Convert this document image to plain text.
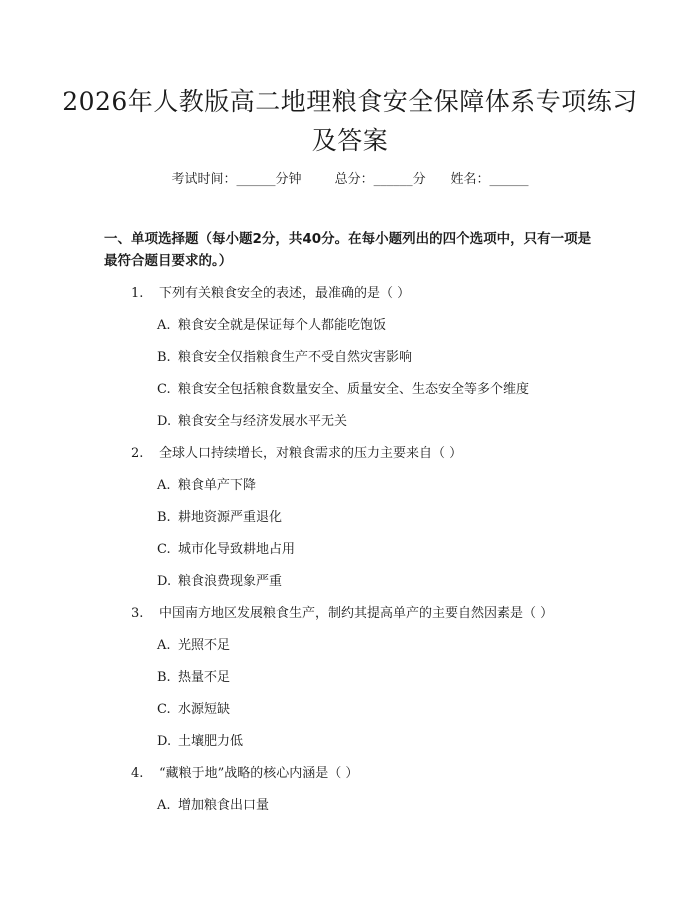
2026年人教版高二地理粮食安全保障体系专项练习及答案
考试时间：______分钟	总分：______分 姓名：______
一、单项选择题（每小题2分，共40分。在每小题列出的四个选项中，只有一项是最符合题目要求的。）
1. 下列有关粮食安全的表述，最准确的是（ ）
A. 粮食安全就是保证每个人都能吃饱饭
B. 粮食安全仅指粮食生产不受自然灾害影响
C. 粮食安全包括粮食数量安全、质量安全、生态安全等多个维度
D. 粮食安全与经济发展水平无关
2. 全球人口持续增长，对粮食需求的压力主要来自（ ）
A. 粮食单产下降
B. 耕地资源严重退化
C. 城市化导致耕地占用
D. 粮食浪费现象严重
3. 中国南方地区发展粮食生产，制约其提高单产的主要自然因素是（ ）
A. 光照不足
B. 热量不足
C. 水源短缺
D. 土壤肥力低
4. “藏粮于地”战略的核心内涵是（ ）
A. 增加粮食出口量
